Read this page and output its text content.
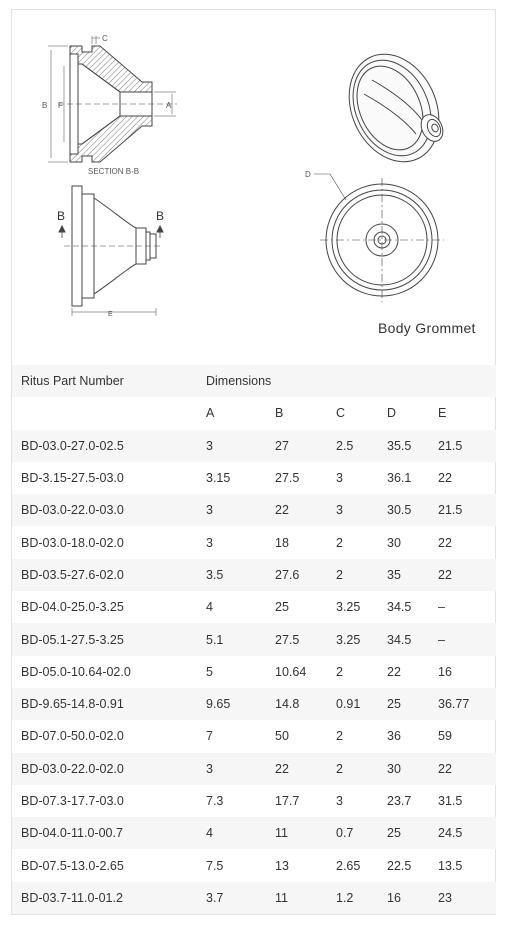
B F
C
A
SECTION B-B
B	B
E
D
Body Grommet
Ritus Part Number	Dimensions				
	A	B	C	D	E
BD-03.0-27.0-02.5	3	27	2.5	35.5	21.5
BD-3.15-27.5-03.0	3.15	27.5	3	36.1	22
BD-03.0-22.0-03.0	3	22	3	30.5	21.5
BD-03.0-18.0-02.0	3	18	2	30	22
BD-03.5-27.6-02.0	3.5	27.6	2	35	22
BD-04.0-25.0-3.25	4	25	3.25	34.5	–
BD-05.1-27.5-3.25	5.1	27.5	3.25	34.5	–
BD-05.0-10.64-02.0	5	10.64	2	22	16
BD-9.65-14.8-0.91	9.65	14.8	0.91	25	36.77
BD-07.0-50.0-02.0	7	50	2	36	59
BD-03.0-22.0-02.0	3	22	2	30	22
BD-07.3-17.7-03.0	7.3	17.7	3	23.7	31.5
BD-04.0-11.0-00.7	4	11	0.7	25	24.5
BD-07.5-13.0-2.65	7.5	13	2.65	22.5	13.5
BD-03.7-11.0-01.2	3.7	11	1.2	16	23
